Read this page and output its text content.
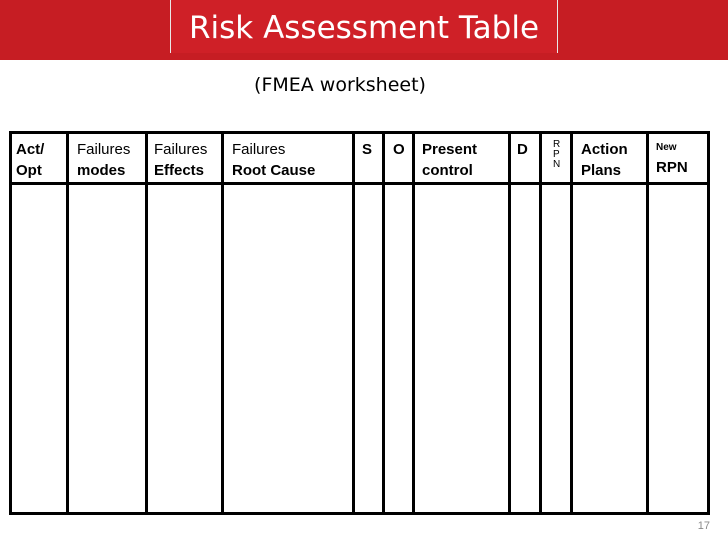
Risk Assessment Table
(FMEA worksheet)
Act/
Opt
Failures
modes
Failures
Effects
Failures
Root Cause
S O Present
control
D	R
P
N
Action
Plans
New
RPN
17
